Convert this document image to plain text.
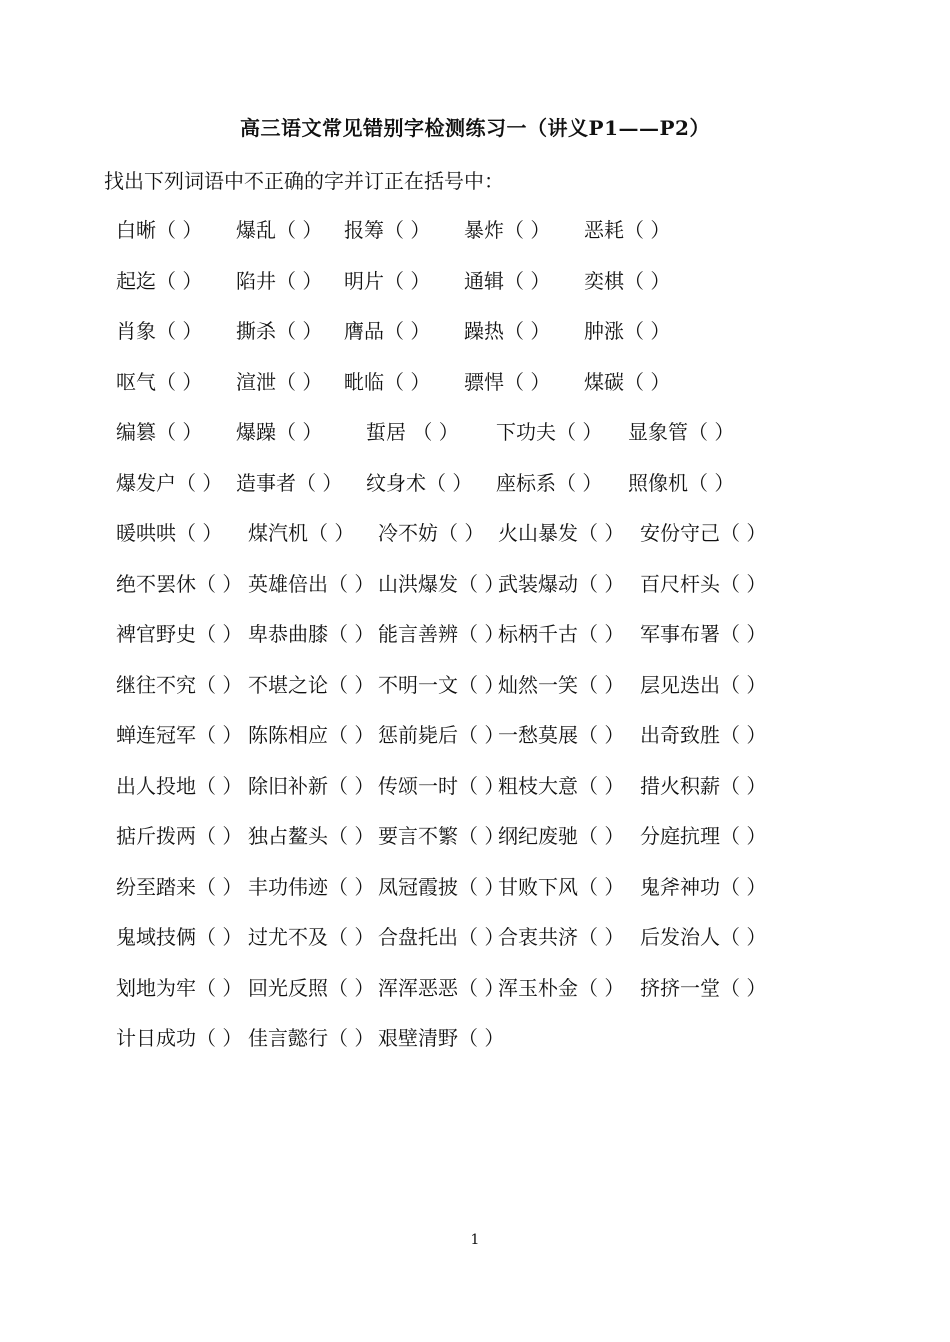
高三语文常见错别字检测练习一（讲义P1——P2）
找出下列词语中不正确的字并订正在括号中：
白晰（ ） 爆乱（ ） 报筹（ ） 暴炸（ ） 恶耗（ ）
起迄（ ） 陷井（ ） 明片（ ） 通辑（ ） 奕棋（ ）
肖象（ ） 撕杀（ ） 膺品（ ） 躁热（ ） 肿涨（ ）
呕气（ ） 渲泄（ ） 毗临（ ） 骠悍（ ） 煤碳（ ）
编篡（ ） 爆躁（ ） 蜇居 （ ） 下功夫（ ） 显象管（ ）
爆发户（ ） 造事者（ ） 纹身术（ ） 座标系（ ） 照像机（ ）
暖哄哄（ ） 煤汽机（ ） 冷不妨（ ） 火山暴发（ ） 安份守己（ ）
绝不罢休（ ） 英雄倍出（ ） 山洪爆发（ ）
武装爆动（ ） 百尺杆头（ ）
裨官野史（ ） 卑恭曲膝（ ） 能言善辨（ ）
标柄千古（ ） 军事布署（ ）
继往不究（ ） 不堪之论（ ） 不明一文（ ）
灿然一笑（ ） 层见迭出（ ）
蝉连冠军（ ） 陈陈相应（ ） 惩前毙后（ ）
一愁莫展（ ） 出奇致胜（ ）
出人投地（ ） 除旧补新（ ） 传颂一时（ ）
粗枝大意（ ） 措火积薪（ ）
掂斤拨两（ ） 独占鳌头（ ） 要言不繁（ ）
纲纪废驰（ ） 分庭抗理（ ）
纷至踏来（ ） 丰功伟迹（ ） 凤冠霞披（ ）
甘败下风（ ） 鬼斧神功（ ）
鬼域技俩（ ） 过尤不及（ ） 合盘托出（ ）
合衷共济（ ） 后发治人（ ）
划地为牢（ ） 回光反照（ ） 浑浑恶恶（ ）
浑玉朴金（ ） 挤挤一堂（ ）
计日成功（ ） 佳言懿行（ ） 艰壁清野（ ）
1
